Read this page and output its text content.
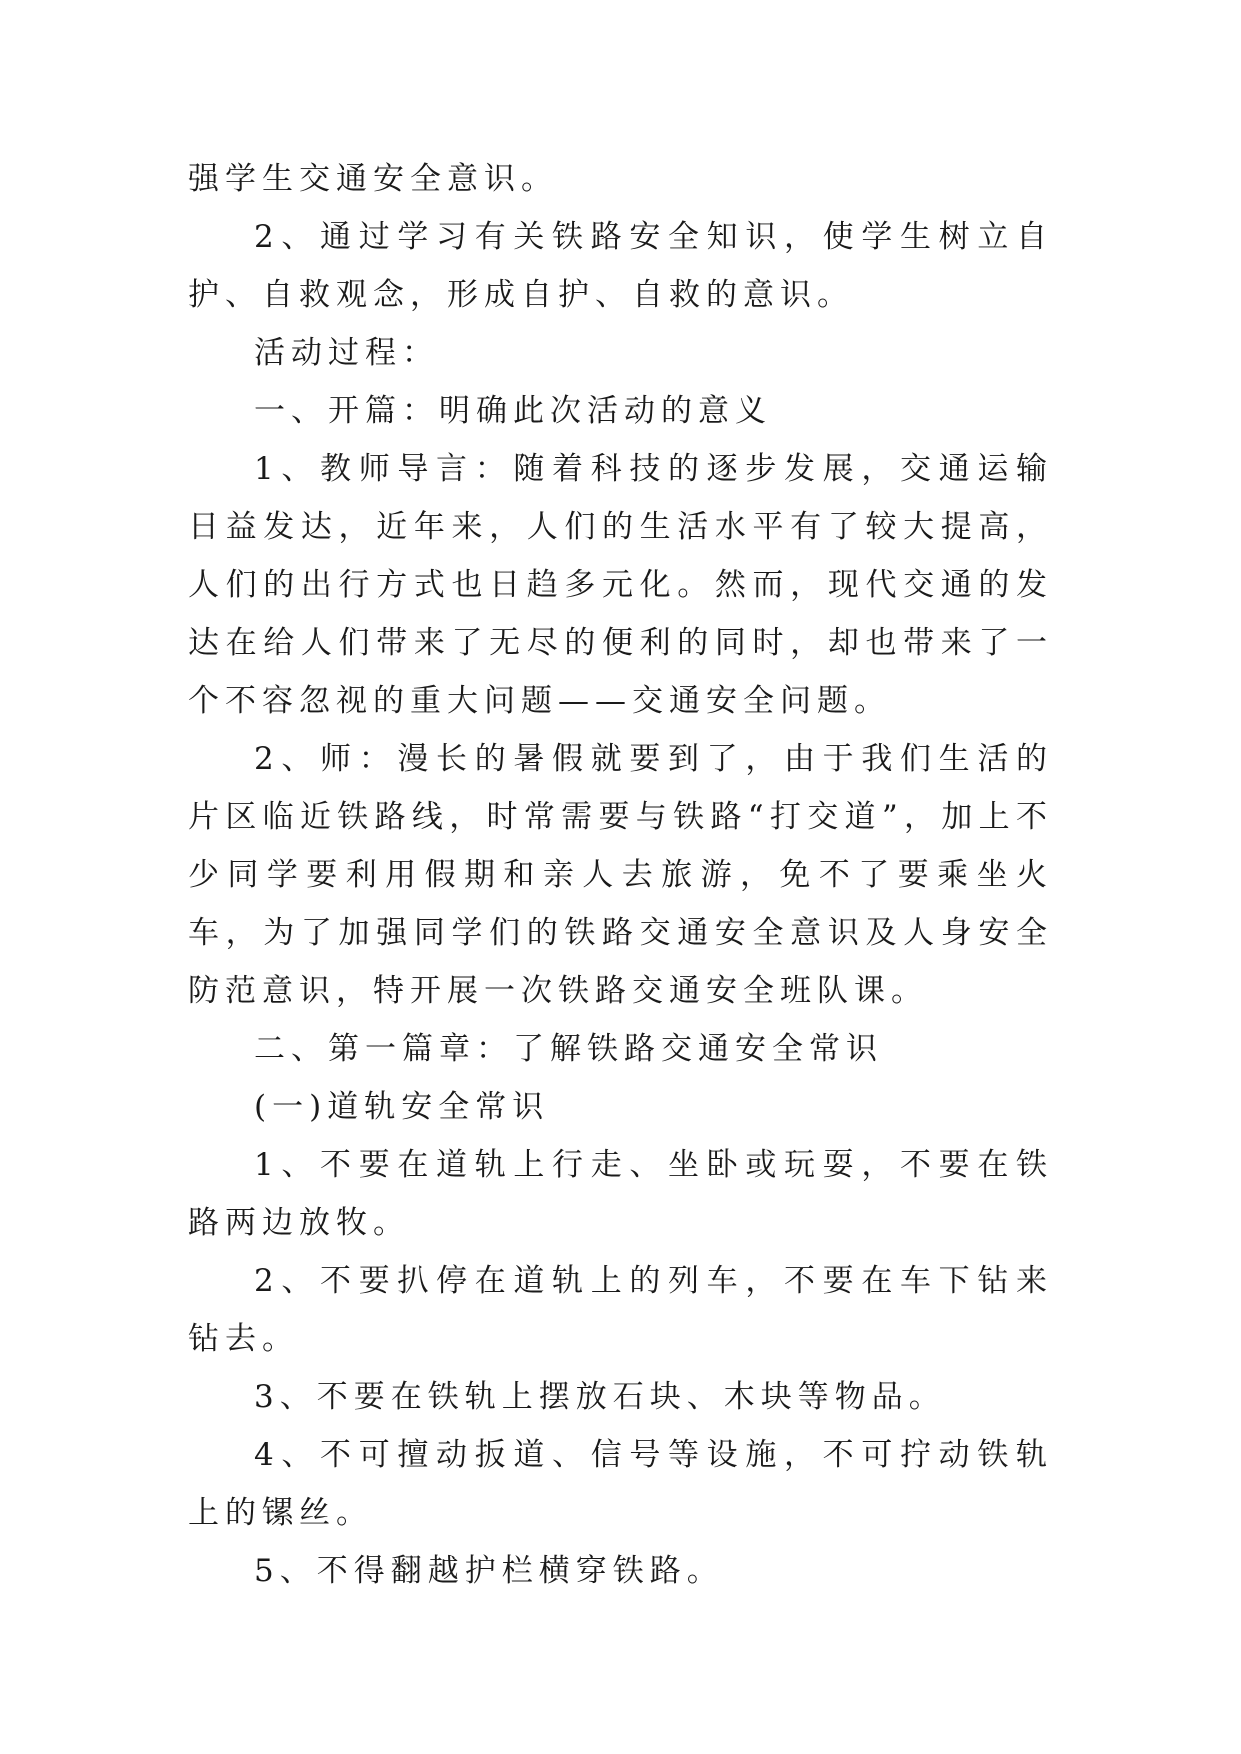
强学生交通安全意识。

2、通过学习有关铁路安全知识，使学生树立自护、自救观念，形成自护、自救的意识。

活动过程：

一、开篇：明确此次活动的意义

1、教师导言：随着科技的逐步发展，交通运输日益发达，近年来，人们的生活水平有了较大提高，人们的出行方式也日趋多元化。然而，现代交通的发达在给人们带来了无尽的便利的同时，却也带来了一个不容忽视的重大问题——交通安全问题。

2、师：漫长的暑假就要到了，由于我们生活的片区临近铁路线，时常需要与铁路“打交道”，加上不少同学要利用假期和亲人去旅游，免不了要乘坐火车，为了加强同学们的铁路交通安全意识及人身安全防范意识，特开展一次铁路交通安全班队课。

二、第一篇章：了解铁路交通安全常识

(一)道轨安全常识

1、不要在道轨上行走、坐卧或玩耍，不要在铁路两边放牧。

2、不要扒停在道轨上的列车，不要在车下钻来钻去。

3、不要在铁轨上摆放石块、木块等物品。

4、不可擅动扳道、信号等设施，不可拧动铁轨上的镙丝。

5、不得翻越护栏横穿铁路。
